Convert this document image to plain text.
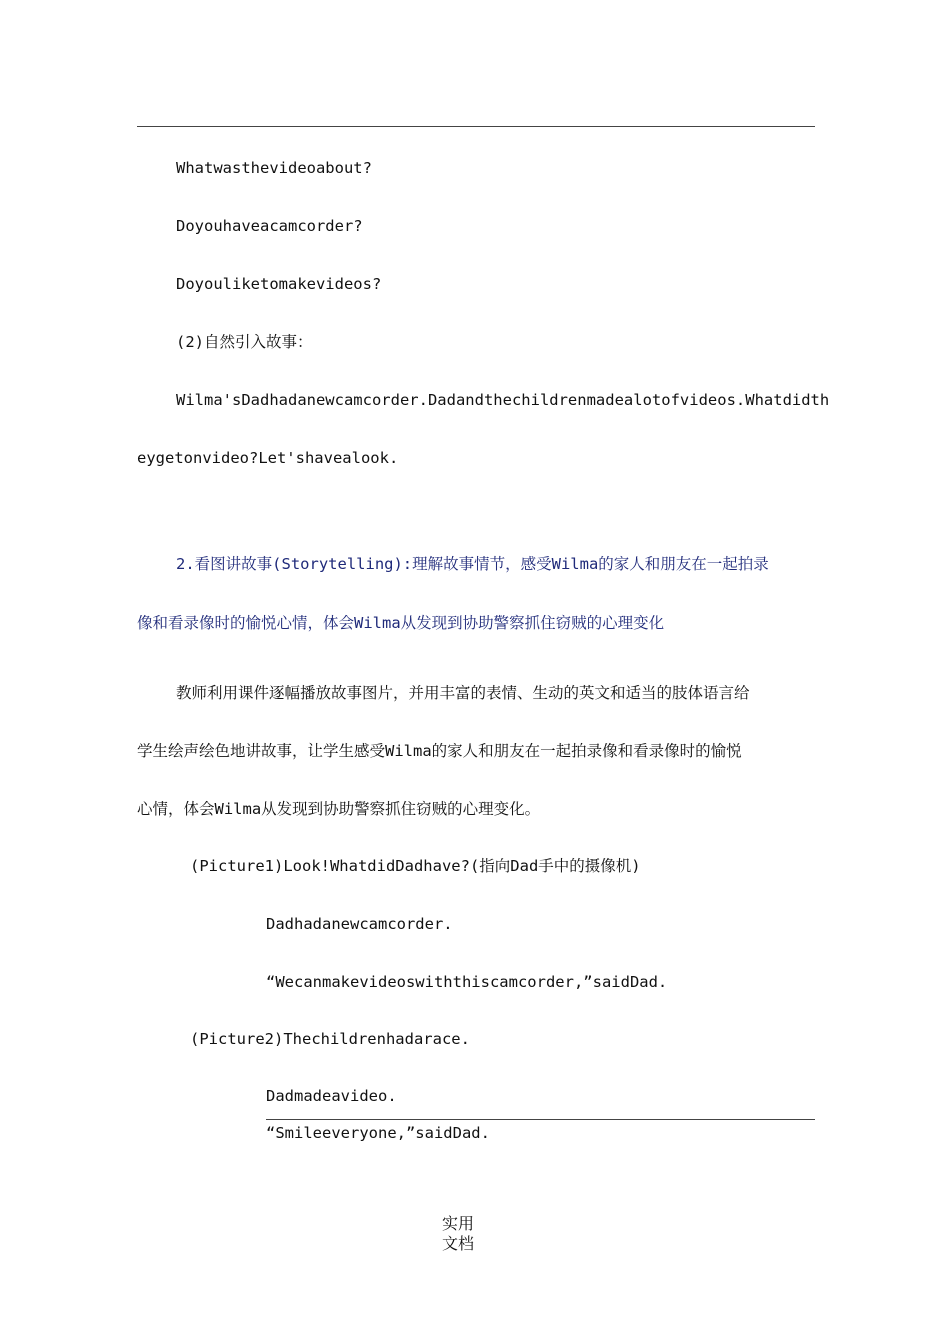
Whatwasthevideoabout?
Doyouhaveacamcorder?
Doyouliketomakevideos?
(2)自然引入故事：
Wilma'sDadhadanewcamcorder.Dadandthechildrenmadealotofvideos.Whatdidth
eygetonvideo?Let'shavealook.
2.看图讲故事(Storytelling):理解故事情节，感受Wilma的家人和朋友在一起拍录
像和看录像时的愉悦心情，体会Wilma从发现到协助警察抓住窃贼的心理变化
教师利用课件逐幅播放故事图片，并用丰富的表情、生动的英文和适当的肢体语言给
学生绘声绘色地讲故事，让学生感受Wilma的家人和朋友在一起拍录像和看录像时的愉悦
心情，体会Wilma从发现到协助警察抓住窃贼的心理变化。
(Picture1)Look!WhatdidDadhave?(指向Dad手中的摄像机)
Dadhadanewcamcorder.
“Wecanmakevideoswiththiscamcorder,”saidDad.
(Picture2)Thechildrenhadarace.
Dadmadeavideo.
“Smileeveryone,”saidDad.
实用
文档
